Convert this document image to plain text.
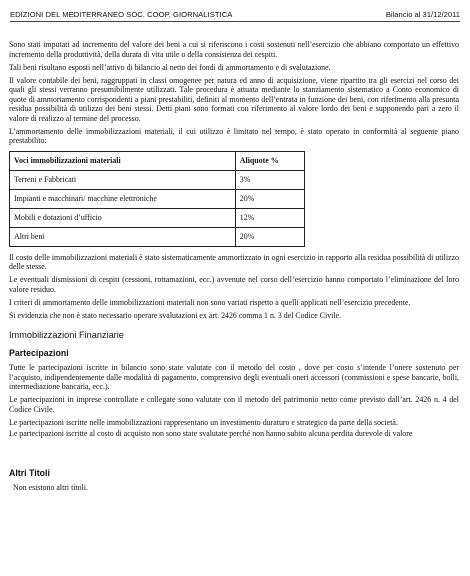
EDIZIONI DEL MEDITERRANEO SOC. COOP. GIORNALISTICA	Bilancio al 31/12/2011

Sono stati imputati ad incremento del valore dei beni a cui si riferiscono i costi sostenuti nell’esercizio che abbiano comportato un effettivo incremento della produttività, della durata di vita utile o della consistenza dei cespiti.

Tali beni risultano esposti nell’attivo di bilancio al netto dei fondi di ammortamento e di svalutazione.

Il valore contabile dei beni, raggruppati in classi omogenee per natura ed anno di acquisizione, viene ripartito tra gli esercizi nel corso dei quali gli stessi verranno presumibilmente utilizzati. Tale procedura è attuata mediante lo stanziamento sistematico a Conto economico di quote di ammortamento corrispondenti a piani prestabiliti, definiti al momento dell’entrata in funzione dei beni, con riferimento alla presunta residua possibilità di utilizzo dei beni stessi. Detti piani sono formati con riferimento al valore lordo dei beni e supponendo pari a zero il valore di realizzo al termine del processo.

L’ammortamento delle immobilizzazioni materiali, il cui utilizzo è limitato nel tempo, è stato operato in conformità al seguente piano prestabilito:

Voci immobilizzazioni materiali	Aliquote %
Terreni e Fabbricati	3%
Impianti e macchinari/ macchine elettroniche	20%
Mobili e dotazioni d’ufficio	12%
Altri beni	20%

Il costo delle immobilizzazioni materiali è stato sistematicamente ammortizzato in ogni esercizio in rapporto alla residua possibilità di utilizzo delle stesse.

Le eventuali dismissioni di cespiti (cessioni, rottamazioni, ecc.) avvenute nel corso dell’esercizio hanno comportato l’eliminazione del loro valore residuo.

I criteri di ammortamento delle immobilizzazioni materiali non sono variati rispetto a quelli applicati nell’esercizio precedente.

Si evidenzia che non è stato necessario operare svalutazioni ex art. 2426 comma 1 n. 3 del Codice Civile.

Immobilizzazioni Finanziarie
Partecipazioni

Tutte le partecipazioni iscritte in bilancio sono state valutate con il metodo del costo , dove per costo s’intende l’onere sostenuto per l’acquisto, indipendentemente dalle modalità di pagamento, comprensivo degli eventuali oneri accessori (commissioni e spese bancarie, bolli, intermediazione bancaria, ecc.).

Le partecipazioni in imprese controllate e collegate sono valutate con il metodo del patrimonio netto come previsto dall’art. 2426 n. 4 del Codice Civile.

Le partecipazioni iscritte nelle immobilizzazioni rappresentano un investimento duraturo e strategico da parte della società.

Le partecipazioni iscritte al costo di acquisto non sono state svalutate perché non hanno subito alcuna perdita durevole di valore

Altri Titoli

Non esistono altri titoli.
